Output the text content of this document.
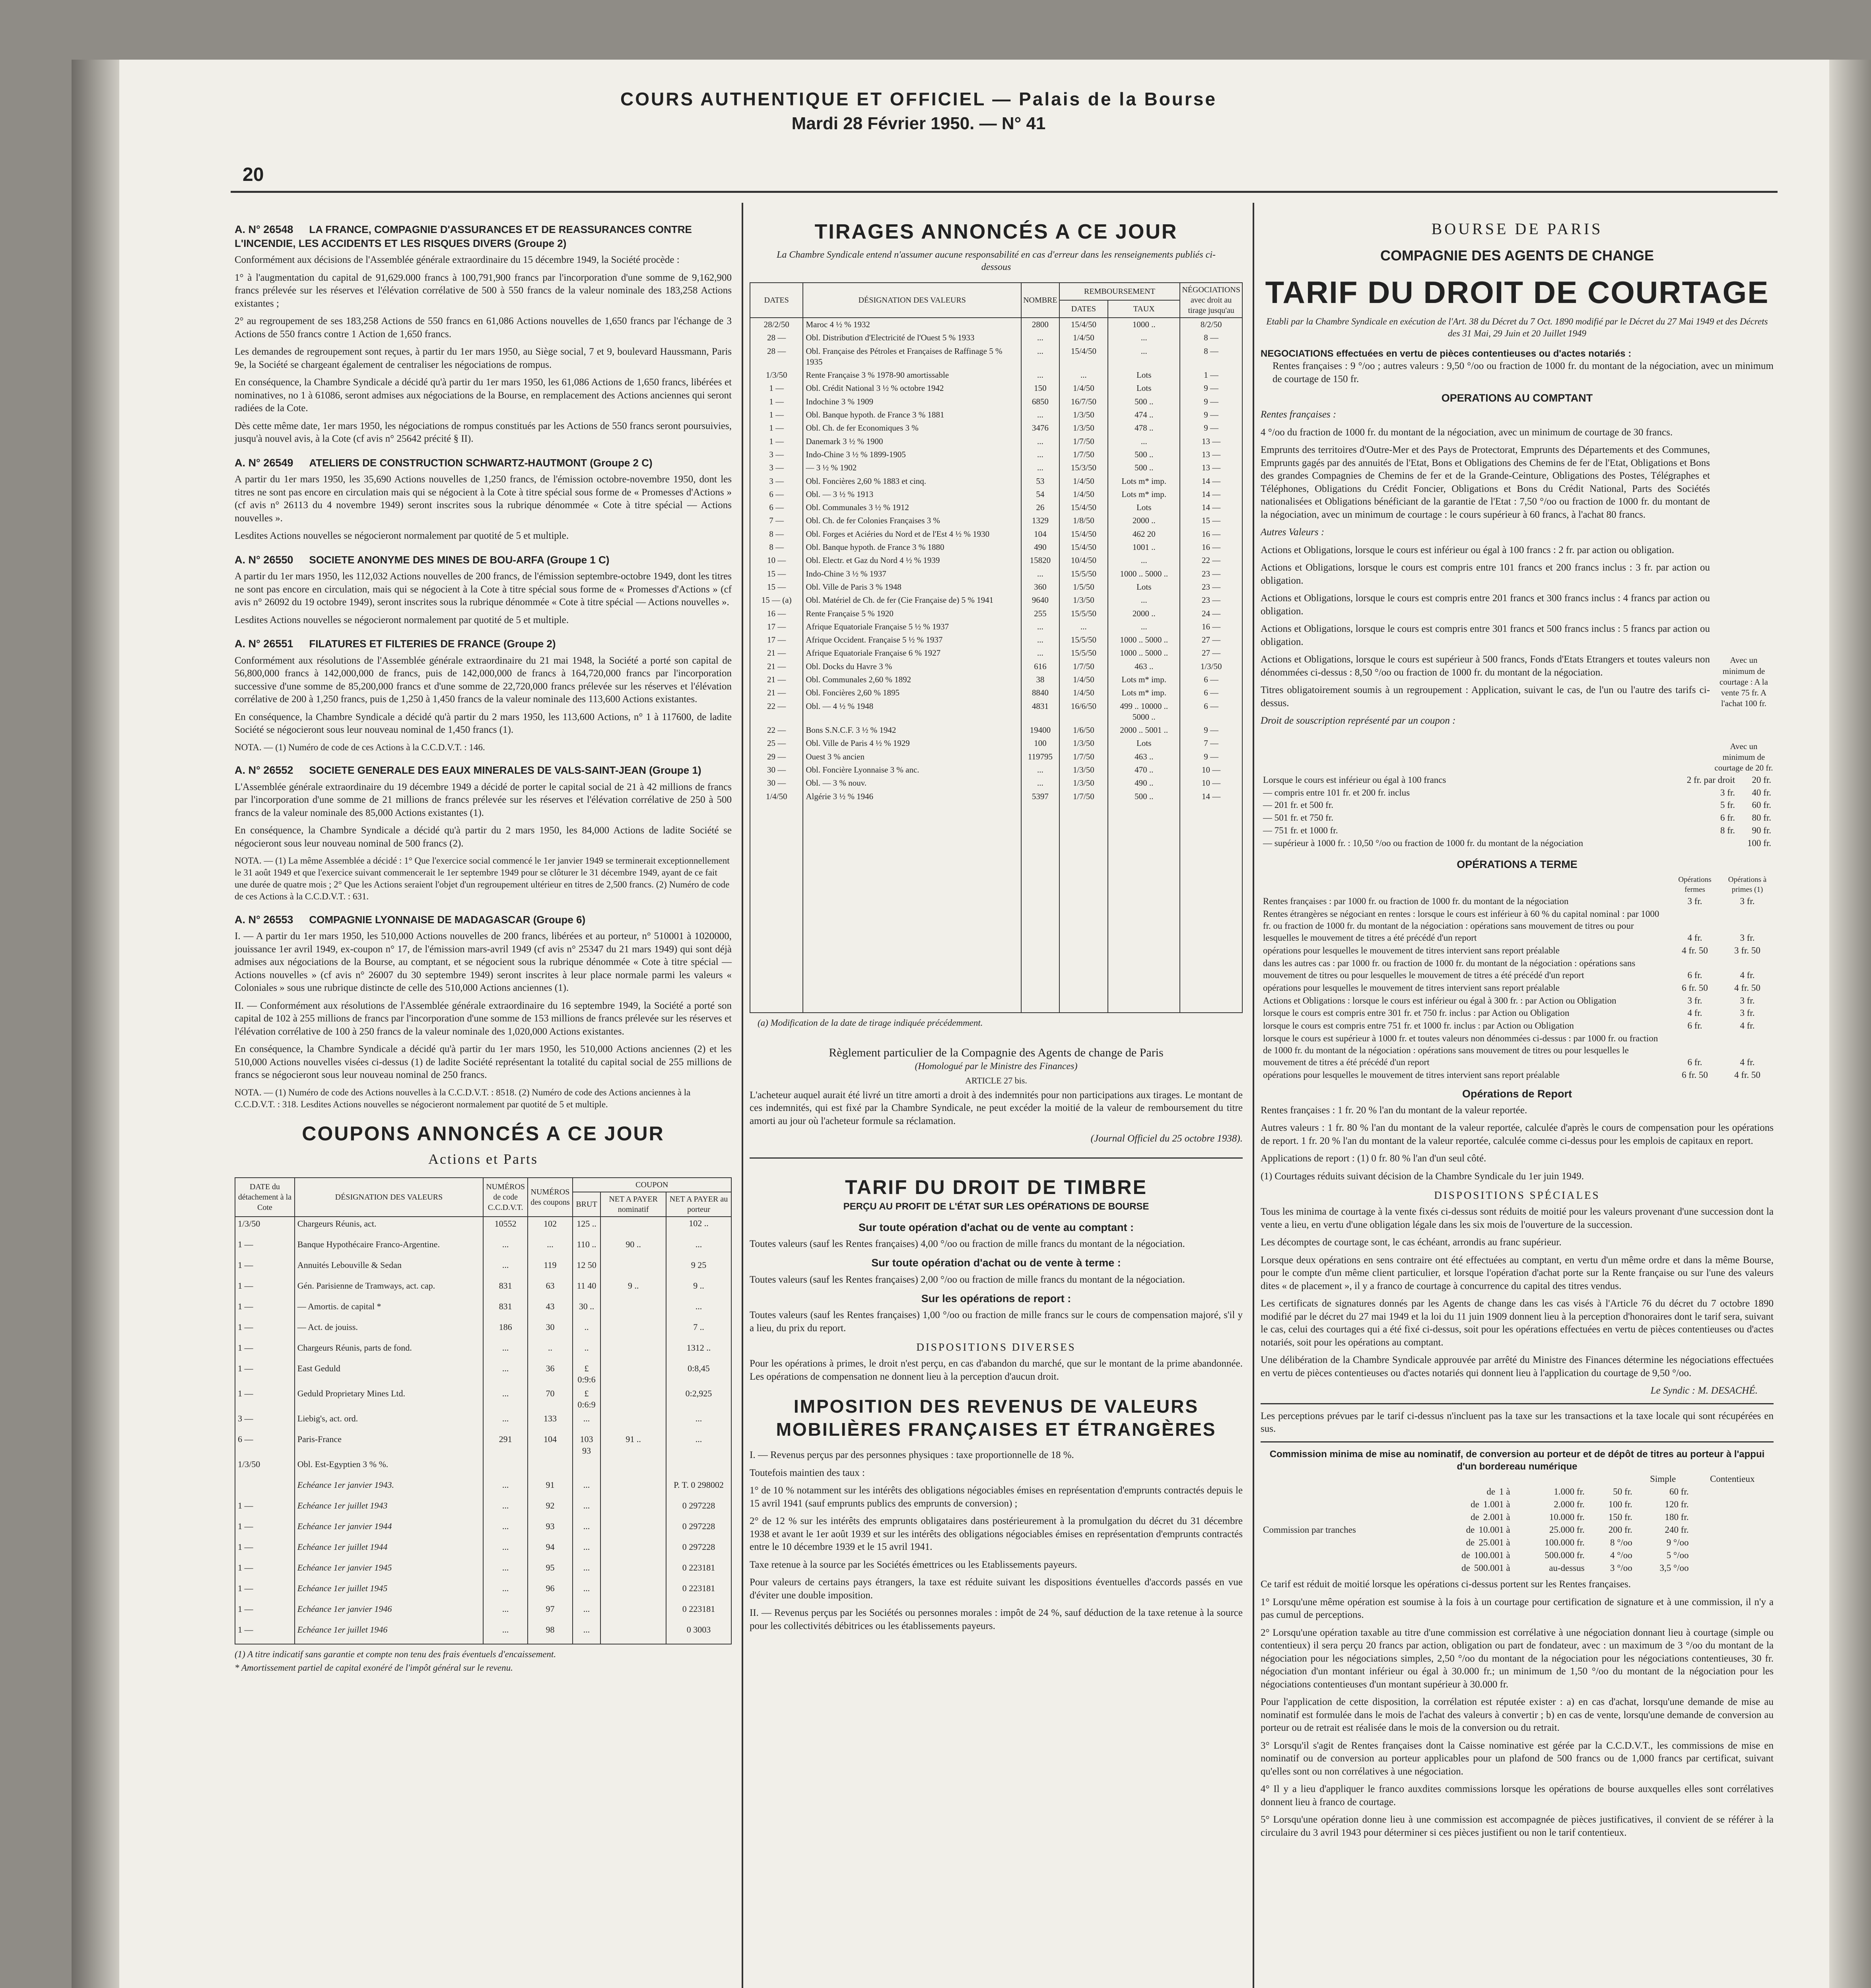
COURS AUTHENTIQUE ET OFFICIEL — Palais de la Bourse
Mardi 28 Février 1950. — N° 41
20
A. N° 26548 LA FRANCE, COMPAGNIE D'ASSURANCES ET DE REASSURANCES CONTRE L'INCENDIE, LES ACCIDENTS ET LES RISQUES DIVERS (Groupe 2)

Conformément aux décisions de l'Assemblée générale extraordinaire du 15 décembre 1949, la Société procède :

1° à l'augmentation du capital de 91,629.000 francs à 100,791,900 francs par l'incorporation d'une somme de 9,162,900 francs prélevée sur les réserves et l'élévation corrélative de 500 à 550 francs de la valeur nominale des 183,258 Actions existantes ;

2° au regroupement de ses 183,258 Actions de 550 francs en 61,086 Actions nouvelles de 1,650 francs par l'échange de 3 Actions de 550 francs contre 1 Action de 1,650 francs.

Les demandes de regroupement sont reçues, à partir du 1er mars 1950, au Siège social, 7 et 9, boulevard Haussmann, Paris 9e, la Société se chargeant également de centraliser les négociations de rompus.

En conséquence, la Chambre Syndicale a décidé qu'à partir du 1er mars 1950, les 61,086 Actions de 1,650 francs, libérées et nominatives, no 1 à 61086, seront admises aux négociations de la Bourse, en remplacement des Actions anciennes qui seront radiées de la Cote.

Dès cette même date, 1er mars 1950, les négociations de rompus constitués par les Actions de 550 francs seront poursuivies, jusqu'à nouvel avis, à la Cote (cf avis n° 25642 précité § II).

A. N° 26549 ATELIERS DE CONSTRUCTION SCHWARTZ-HAUTMONT (Groupe 2 C)

A partir du 1er mars 1950, les 35,690 Actions nouvelles de 1,250 francs, de l'émission octobre-novembre 1950, dont les titres ne sont pas encore en circulation mais qui se négocient à la Cote à titre spécial sous forme de « Promesses d'Actions » (cf avis n° 26113 du 4 novembre 1949) seront inscrites sous la rubrique dénommée « Cote à titre spécial — Actions nouvelles ».

Lesdites Actions nouvelles se négocieront normalement par quotité de 5 et multiple.

A. N° 26550 SOCIETE ANONYME DES MINES DE BOU-ARFA (Groupe 1 C)

A partir du 1er mars 1950, les 112,032 Actions nouvelles de 200 francs, de l'émission septembre-octobre 1949, dont les titres ne sont pas encore en circulation, mais qui se négocient à la Cote à titre spécial sous forme de « Promesses d'Actions » (cf avis n° 26092 du 19 octobre 1949), seront inscrites sous la rubrique dénommée « Cote à titre spécial — Actions nouvelles ».

Lesdites Actions nouvelles se négocieront normalement par quotité de 5 et multiple.

A. N° 26551 FILATURES ET FILTERIES DE FRANCE (Groupe 2)

Conformément aux résolutions de l'Assemblée générale extraordinaire du 21 mai 1948, la Société a porté son capital de 56,800,000 francs à 142,000,000 de francs, puis de 142,000,000 de francs à 164,720,000 francs par l'incorporation successive d'une somme de 85,200,000 francs et d'une somme de 22,720,000 francs prélevée sur les réserves et l'élévation corrélative de 200 à 1,250 francs, puis de 1,250 à 1,450 francs de la valeur nominale des 113,600 Actions existantes.

En conséquence, la Chambre Syndicale a décidé qu'à partir du 2 mars 1950, les 113,600 Actions, n° 1 à 117600, de ladite Société se négocieront sous leur nouveau nominal de 1,450 francs (1).

NOTA. — (1) Numéro de code de ces Actions à la C.C.D.V.T. : 146.
A. N° 26552 SOCIETE GENERALE DES EAUX MINERALES DE VALS-SAINT-JEAN (Groupe 1)

L'Assemblée générale extraordinaire du 19 décembre 1949 a décidé de porter le capital social de 21 à 42 millions de francs par l'incorporation d'une somme de 21 millions de francs prélevée sur les réserves et l'élévation corrélative de 250 à 500 francs de la valeur nominale des 85,000 Actions existantes (1).

En conséquence, la Chambre Syndicale a décidé qu'à partir du 2 mars 1950, les 84,000 Actions de ladite Société se négocieront sous leur nouveau nominal de 500 francs (2).

NOTA. — (1) La même Assemblée a décidé : 1° Que l'exercice social commencé le 1er janvier 1949 se terminerait exceptionnellement le 31 août 1949 et que l'exercice suivant commencerait le 1er septembre 1949 pour se clôturer le 31 décembre 1949, ayant de ce fait une durée de quatre mois ; 2° Que les Actions seraient l'objet d'un regroupement ultérieur en titres de 2,500 francs. (2) Numéro de code de ces Actions à la C.C.D.V.T. : 631.
A. N° 26553 COMPAGNIE LYONNAISE DE MADAGASCAR (Groupe 6)

I. — A partir du 1er mars 1950, les 510,000 Actions nouvelles de 200 francs, libérées et au porteur, n° 510001 à 1020000, jouissance 1er avril 1949, ex-coupon n° 17, de l'émission mars-avril 1949 (cf avis n° 25347 du 21 mars 1949) qui sont déjà admises aux négociations de la Bourse, au comptant, et se négocient sous la rubrique dénommée « Cote à titre spécial — Actions nouvelles » (cf avis n° 26007 du 30 septembre 1949) seront inscrites à leur place normale parmi les valeurs « Coloniales » sous une rubrique distincte de celle des 510,000 Actions anciennes (1).

II. — Conformément aux résolutions de l'Assemblée générale extraordinaire du 16 septembre 1949, la Société a porté son capital de 102 à 255 millions de francs par l'incorporation d'une somme de 153 millions de francs prélevée sur les réserves et l'élévation corrélative de 100 à 250 francs de la valeur nominale des 1,020,000 Actions existantes.

En conséquence, la Chambre Syndicale a décidé qu'à partir du 1er mars 1950, les 510,000 Actions anciennes (2) et les 510,000 Actions nouvelles visées ci-dessus (1) de ladite Société représentant la totalité du capital social de 255 millions de francs se négocieront sous leur nouveau nominal de 250 francs.

NOTA. — (1) Numéro de code des Actions nouvelles à la C.C.D.V.T. : 8518. (2) Numéro de code des Actions anciennes à la C.C.D.V.T. : 318. Lesdites Actions nouvelles se négocieront normalement par quotité de 5 et multiple.
COUPONS ANNONCÉS A CE JOUR
Actions et Parts
DATE du détachement à la Cote	DÉSIGNATION DES VALEURS	NUMÉROS de code C.C.D.V.T.	NUMÉROS des coupons	COUPON		
				BRUT	NET A PAYER nominatif	NET A PAYER au porteur

1/3/50	Chargeurs Réunis, act.	10552	102	125 ..		102 ..
1 —	Banque Hypothécaire Franco-Argentine.	...	...	110 ..	90 ..	...
1 —	Annuités Lebouville & Sedan	...	119	12 50		9 25
1 —	Gén. Parisienne de Tramways, act. cap.	831	63	11 40	9 ..	9 ..
1 —	— Amortis. de capital *	831	43	30 ..		...
1 —	— Act. de jouiss.	186	30	..		7 ..
1 —	Chargeurs Réunis, parts de fond.	...	..	..		1312 ..
1 —	East Geduld	...	36	£ 0:9:6		0:8,45
1 —	Geduld Proprietary Mines Ltd.	...	70	£ 0:6:9		0:2,925
3 —	Liebig's, act. ord.	...	133	...		...
6 —	Paris-France	291	104	103 93	91 ..	...
1/3/50	Obl. Est-Egyptien 3 % %.					
	Echéance 1er janvier 1943.	...	91	...		P. T. 0 298002
1 —	Echéance 1er juillet 1943	...	92	...		0 297228
1 —	Echéance 1er janvier 1944	...	93	...		0 297228
1 —	Echéance 1er juillet 1944	...	94	...		0 297228
1 —	Echéance 1er janvier 1945	...	95	...		0 223181
1 —	Echéance 1er juillet 1945	...	96	...		0 223181
1 —	Echéance 1er janvier 1946	...	97	...		0 223181
1 —	Echéance 1er juillet 1946	...	98	...		0 3003
(1) A titre indicatif sans garantie et compte non tenu des frais éventuels d'encaissement.
* Amortissement partiel de capital exonéré de l'impôt général sur le revenu.
TIRAGES ANNONCÉS A CE JOUR
La Chambre Syndicale entend n'assumer aucune responsabilité en cas d'erreur dans les renseignements publiés ci-dessous
DATES	DÉSIGNATION DES VALEURS	NOMBRE	REMBOURSEMENT		NÉGOCIATIONS avec droit au tirage jusqu'au
			DATES	TAUX	
28/2/50	Maroc 4 ½ % 1932	2800	15/4/50	1000 ..	8/2/50
28 —	Obl. Distribution d'Electricité de l'Ouest 5 % 1933	...	1/4/50	...	8 —
28 —	Obl. Française des Pétroles et Françaises de Raffinage 5 % 1935	...	15/4/50	...	8 —
1/3/50	Rente Française 3 % 1978-90 amortissable	...	...	Lots	1 —
1 —	Obl. Crédit National 3 ½ % octobre 1942	150	1/4/50	Lots	9 —
1 —	Indochine 3 % 1909	6850	16/7/50	500 ..	9 —
1 —	Obl. Banque hypoth. de France 3 % 1881	...	1/3/50	474 ..	9 —
1 —	Obl. Ch. de fer Economiques 3 %	3476	1/3/50	478 ..	9 —
1 —	Danemark 3 ½ % 1900	...	1/7/50	...	13 —
3 —	Indo-Chine 3 ½ % 1899-1905	...	1/7/50	500 ..	13 —
3 —	— 3 ½ % 1902	...	15/3/50	500 ..	13 —
3 —	Obl. Foncières 2,60 % 1883 et cinq.	53	1/4/50	Lots m* imp.	14 —
6 —	Obl. — 3 ½ % 1913	54	1/4/50	Lots m* imp.	14 —
6 —	Obl. Communales 3 ½ % 1912	26	15/4/50	Lots	14 —
7 —	Obl. Ch. de fer Colonies Françaises 3 %	1329	1/8/50	2000 ..	15 —
8 —	Obl. Forges et Aciéries du Nord et de l'Est 4 ½ % 1930	104	15/4/50	462 20	16 —
8 —	Obl. Banque hypoth. de France 3 % 1880	490	15/4/50	1001 ..	16 —
10 —	Obl. Electr. et Gaz du Nord 4 ½ % 1939	15820	10/4/50	...	22 —
15 —	Indo-Chine 3 ½ % 1937	...	15/5/50	1000 .. 5000 ..	23 —
15 —	Obl. Ville de Paris 3 % 1948	360	1/5/50	Lots	23 —
15 — (a)	Obl. Matériel de Ch. de fer (Cie Française de) 5 % 1941	9640	1/3/50	...	23 —
16 —	Rente Française 5 % 1920	255	15/5/50	2000 ..	24 —
17 —	Afrique Equatoriale Française 5 ½ % 1937	...	...	...	16 —
17 —	Afrique Occident. Française 5 ½ % 1937	...	15/5/50	1000 .. 5000 ..	27 —
21 —	Afrique Equatoriale Française 6 % 1927	...	15/5/50	1000 .. 5000 ..	27 —
21 —	Obl. Docks du Havre 3 %	616	1/7/50	463 ..	1/3/50
21 —	Obl. Communales 2,60 % 1892	38	1/4/50	Lots m* imp.	6 —
21 —	Obl. Foncières 2,60 % 1895	8840	1/4/50	Lots m* imp.	6 —
22 —	Obl. — 4 ½ % 1948	4831	16/6/50	499 .. 10000 .. 5000 ..	6 —
22 —	Bons S.N.C.F. 3 ½ % 1942	19400	1/6/50	2000 .. 5001 ..	9 —
25 —	Obl. Ville de Paris 4 ½ % 1929	100	1/3/50	Lots	7 —
29 —	Ouest 3 % ancien	119795	1/7/50	463 ..	9 —
30 —	Obl. Foncière Lyonnaise 3 % anc.	...	1/3/50	470 ..	10 —
30 —	Obl. — 3 % nouv.	...	1/3/50	490 ..	10 —
1/4/50	Algérie 3 ½ % 1946	5397	1/7/50	500 ..	14 —

(a) Modification de la date de tirage indiquée précédemment.
Règlement particulier de la Compagnie des Agents de change de Paris
(Homologué par le Ministre des Finances)
ARTICLE 27 bis.

L'acheteur auquel aurait été livré un titre amorti a droit à des indemnités pour non participations aux tirages. Le montant de ces indemnités, qui est fixé par la Chambre Syndicale, ne peut excéder la moitié de la valeur de remboursement du titre amorti au jour où l'acheteur formule sa réclamation.

(Journal Officiel du 25 octobre 1938).
TARIF DU DROIT DE TIMBRE
PERÇU AU PROFIT DE L'ÉTAT SUR LES OPÉRATIONS DE BOURSE
Sur toute opération d'achat ou de vente au comptant :

Toutes valeurs (sauf les Rentes françaises) 4,00 °/oo ou fraction de mille francs du montant de la négociation.

Sur toute opération d'achat ou de vente à terme :

Toutes valeurs (sauf les Rentes françaises) 2,00 °/oo ou fraction de mille francs du montant de la négociation.

Sur les opérations de report :

Toutes valeurs (sauf les Rentes françaises) 1,00 °/oo ou fraction de mille francs sur le cours de compensation majoré, s'il y a lieu, du prix du report.

DISPOSITIONS DIVERSES

Pour les opérations à primes, le droit n'est perçu, en cas d'abandon du marché, que sur le montant de la prime abandonnée. Les opérations de compensation ne donnent lieu à la perception d'aucun droit.

IMPOSITION DES REVENUS DE VALEURS MOBILIÈRES FRANÇAISES ET ÉTRANGÈRES

I. — Revenus perçus par des personnes physiques : taxe proportionnelle de 18 %.

Toutefois maintien des taux :

1° de 10 % notamment sur les intérêts des obligations négociables émises en représentation d'emprunts contractés depuis le 15 avril 1941 (sauf emprunts publics des emprunts de conversion) ;

2° de 12 % sur les intérêts des emprunts obligataires dans postérieurement à la promulgation du décret du 31 décembre 1938 et avant le 1er août 1939 et sur les intérêts des obligations négociables émises en représentation d'emprunts contractés entre le 10 décembre 1939 et le 15 avril 1941.

Taxe retenue à la source par les Sociétés émettrices ou les Etablissements payeurs.

Pour valeurs de certains pays étrangers, la taxe est réduite suivant les dispositions éventuelles d'accords passés en vue d'éviter une double imposition.

II. — Revenus perçus par les Sociétés ou personnes morales : impôt de 24 %, sauf déduction de la taxe retenue à la source pour les collectivités débitrices ou les établissements payeurs.

BOURSE DE PARIS
COMPAGNIE DES AGENTS DE CHANGE
TARIF DU DROIT DE COURTAGE
Etabli par la Chambre Syndicale en exécution de l'Art. 38 du Décret du 7 Oct. 1890 modifié par le Décret du 27 Mai 1949 et des Décrets des 31 Mai, 29 Juin et 20 Juillet 1949
NEGOCIATIONS effectuées en vertu de pièces contentieuses ou d'actes notariés :

Rentes françaises : 9 °/oo ; autres valeurs : 9,50 °/oo ou fraction de 1000 fr. du montant de la négociation, avec un minimum de courtage de 150 fr.

OPERATIONS AU COMPTANT

Rentes françaises :

4 °/oo du fraction de 1000 fr. du montant de la négociation, avec un minimum de courtage de 30 francs.

Emprunts des territoires d'Outre-Mer et des Pays de Protectorat, Emprunts des Départements et des Communes, Emprunts gagés par des annuités de l'Etat, Bons et Obligations des Chemins de fer de l'Etat, Obligations et Bons des grandes Compagnies de Chemins de fer et de la Grande-Ceinture, Obligations des Postes, Télégraphes et Téléphones, Obligations du Crédit Foncier, Obligations et Bons du Crédit National, Parts des Sociétés nationalisées et Obligations bénéficiant de la garantie de l'Etat : 7,50 °/oo ou fraction de 1000 fr. du montant de la négociation, avec un minimum de courtage : le cours supérieur à 60 francs, à l'achat 80 francs.

Autres Valeurs :

Actions et Obligations, lorsque le cours est inférieur ou égal à 100 francs : 2 fr. par action ou obligation.

Actions et Obligations, lorsque le cours est compris entre 101 francs et 200 francs inclus : 3 fr. par action ou obligation.

Actions et Obligations, lorsque le cours est compris entre 201 francs et 300 francs inclus : 4 francs par action ou obligation.

Actions et Obligations, lorsque le cours est compris entre 301 francs et 500 francs inclus : 5 francs par action ou obligation.

Actions et Obligations, lorsque le cours est supérieur à 500 francs, Fonds d'Etats Etrangers et toutes valeurs non dénommées ci-dessus : 8,50 °/oo ou fraction de 1000 fr. du montant de la négociation.

Titres obligatoirement soumis à un regroupement : Application, suivant le cas, de l'un ou l'autre des tarifs ci-dessus.

Droit de souscription représenté par un coupon :

Avec un minimum de courtage : A la vente 75 fr. A l'achat 100 fr.
Avec un minimum de courtage de 20 fr.
Lorsque le cours est inférieur ou égal à 100 francs	2 fr. par droit	20 fr.
— compris entre 101 fr. et 200 fr. inclus	3 fr.	40 fr.
— 201 fr. et 500 fr.	5 fr.	60 fr.
— 501 fr. et 750 fr.	6 fr.	80 fr.
— 751 fr. et 1000 fr.	8 fr.	90 fr.
— supérieur à 1000 fr. : 10,50 °/oo ou fraction de 1000 fr. du montant de la négociation		100 fr.
OPÉRATIONS A TERME
	Opérations fermes	Opérations à primes (1)
Rentes françaises : par 1000 fr. ou fraction de 1000 fr. du montant de la négociation	3 fr.	3 fr.
Rentes étrangères se négociant en rentes : lorsque le cours est inférieur à 60 % du capital nominal : par 1000 fr. ou fraction de 1000 fr. du montant de la négociation : opérations sans mouvement de titres ou pour lesquelles le mouvement de titres a été précédé d'un report	4 fr.	3 fr.
opérations pour lesquelles le mouvement de titres intervient sans report préalable	4 fr. 50	3 fr. 50
dans les autres cas : par 1000 fr. ou fraction de 1000 fr. du montant de la négociation : opérations sans mouvement de titres ou pour lesquelles le mouvement de titres a été précédé d'un report	6 fr.	4 fr.
opérations pour lesquelles le mouvement de titres intervient sans report préalable	6 fr. 50	4 fr. 50
Actions et Obligations : lorsque le cours est inférieur ou égal à 300 fr. : par Action ou Obligation	3 fr.	3 fr.
lorsque le cours est compris entre 301 fr. et 750 fr. inclus : par Action ou Obligation	4 fr.	3 fr.
lorsque le cours est compris entre 751 fr. et 1000 fr. inclus : par Action ou Obligation	6 fr.	4 fr.
lorsque le cours est supérieur à 1000 fr. et toutes valeurs non dénommées ci-dessus : par 1000 fr. ou fraction de 1000 fr. du montant de la négociation : opérations sans mouvement de titres ou pour lesquelles le mouvement de titres a été précédé d'un report	6 fr.	4 fr.
opérations pour lesquelles le mouvement de titres intervient sans report préalable	6 fr. 50	4 fr. 50
Opérations de Report

Rentes françaises : 1 fr. 20 % l'an du montant de la valeur reportée.

Autres valeurs : 1 fr. 80 % l'an du montant de la valeur reportée, calculée d'après le cours de compensation pour les opérations de report. 1 fr. 20 % l'an du montant de la valeur reportée, calculée comme ci-dessus pour les emplois de capitaux en report.

Applications de report : (1) 0 fr. 80 % l'an d'un seul côté.

(1) Courtages réduits suivant décision de la Chambre Syndicale du 1er juin 1949.

DISPOSITIONS SPÉCIALES

Tous les minima de courtage à la vente fixés ci-dessus sont réduits de moitié pour les valeurs provenant d'une succession dont la vente a lieu, en vertu d'une obligation légale dans les six mois de l'ouverture de la succession.

Les décomptes de courtage sont, le cas échéant, arrondis au franc supérieur.

Lorsque deux opérations en sens contraire ont été effectuées au comptant, en vertu d'un même ordre et dans la même Bourse, pour le compte d'un même client particulier, et lorsque l'opération d'achat porte sur la Rente française ou sur l'une des valeurs dites « de placement », il y a franco de courtage à concurrence du capital des titres vendus.

Les certificats de signatures donnés par les Agents de change dans les cas visés à l'Article 76 du décret du 7 octobre 1890 modifié par le décret du 27 mai 1949 et la loi du 11 juin 1909 donnent lieu à la perception d'honoraires dont le tarif sera, suivant le cas, celui des courtages qui a été fixé ci-dessus, soit pour les opérations effectuées en vertu de pièces contentieuses ou d'actes notariés, soit pour les opérations au comptant.

Une délibération de la Chambre Syndicale approuvée par arrêté du Ministre des Finances détermine les négociations effectuées en vertu de pièces contentieuses ou d'actes notariés qui donnent lieu à l'application du courtage de 9,50 °/oo.

Le Syndic : M. DESACHÉ.

Les perceptions prévues par le tarif ci-dessus n'incluent pas la taxe sur les transactions et la taxe locale qui sont récupérées en sus.

Commission minima de mise au nominatif, de conversion au porteur et de dépôt de titres au porteur à l'appui d'un bordereau numérique
				Simple	Contentieux
	de 1 à	1.000 fr.	50 fr.	60 fr.	
	de 1.001 à	2.000 fr.	100 fr.	120 fr.	
	de 2.001 à	10.000 fr.	150 fr.	180 fr.	
Commission par tranches	de 10.001 à	25.000 fr.	200 fr.	240 fr.	
	de 25.001 à	100.000 fr.	8 °/oo	9 °/oo	
	de 100.001 à	500.000 fr.	4 °/oo	5 °/oo	
	de 500.001 à	au-dessus	3 °/oo	3,5 °/oo	

Ce tarif est réduit de moitié lorsque les opérations ci-dessus portent sur les Rentes françaises.

1° Lorsqu'une même opération est soumise à la fois à un courtage pour certification de signature et à une commission, il n'y a pas cumul de perceptions.

2° Lorsqu'une opération taxable au titre d'une commission est corrélative à une négociation donnant lieu à courtage (simple ou contentieux) il sera perçu 20 francs par action, obligation ou part de fondateur, avec : un maximum de 3 °/oo du montant de la négociation pour les négociations simples, 2,50 °/oo du montant de la négociation pour les négociations contentieuses, 30 fr. négociation d'un montant inférieur ou égal à 30.000 fr.; un minimum de 1,50 °/oo du montant de la négociation pour les négociations contentieuses d'un montant supérieur à 30.000 fr.

Pour l'application de cette disposition, la corrélation est réputée exister : a) en cas d'achat, lorsqu'une demande de mise au nominatif est formulée dans le mois de l'achat des valeurs à convertir ; b) en cas de vente, lorsqu'une demande de conversion au porteur ou de retrait est réalisée dans le mois de la conversion ou du retrait.

3° Lorsqu'il s'agit de Rentes françaises dont la Caisse nominative est gérée par la C.C.D.V.T., les commissions de mise en nominatif ou de conversion au porteur applicables pour un plafond de 500 francs ou de 1,000 francs par certificat, suivant qu'elles sont ou non corrélatives à une négociation.

4° Il y a lieu d'appliquer le franco auxdites commissions lorsque les opérations de bourse auxquelles elles sont corrélatives donnent lieu à franco de courtage.

5° Lorsqu'une opération donne lieu à une commission est accompagnée de pièces justificatives, il convient de se référer à la circulaire du 3 avril 1943 pour déterminer si ces pièces justifient ou non le tarif contentieux.
